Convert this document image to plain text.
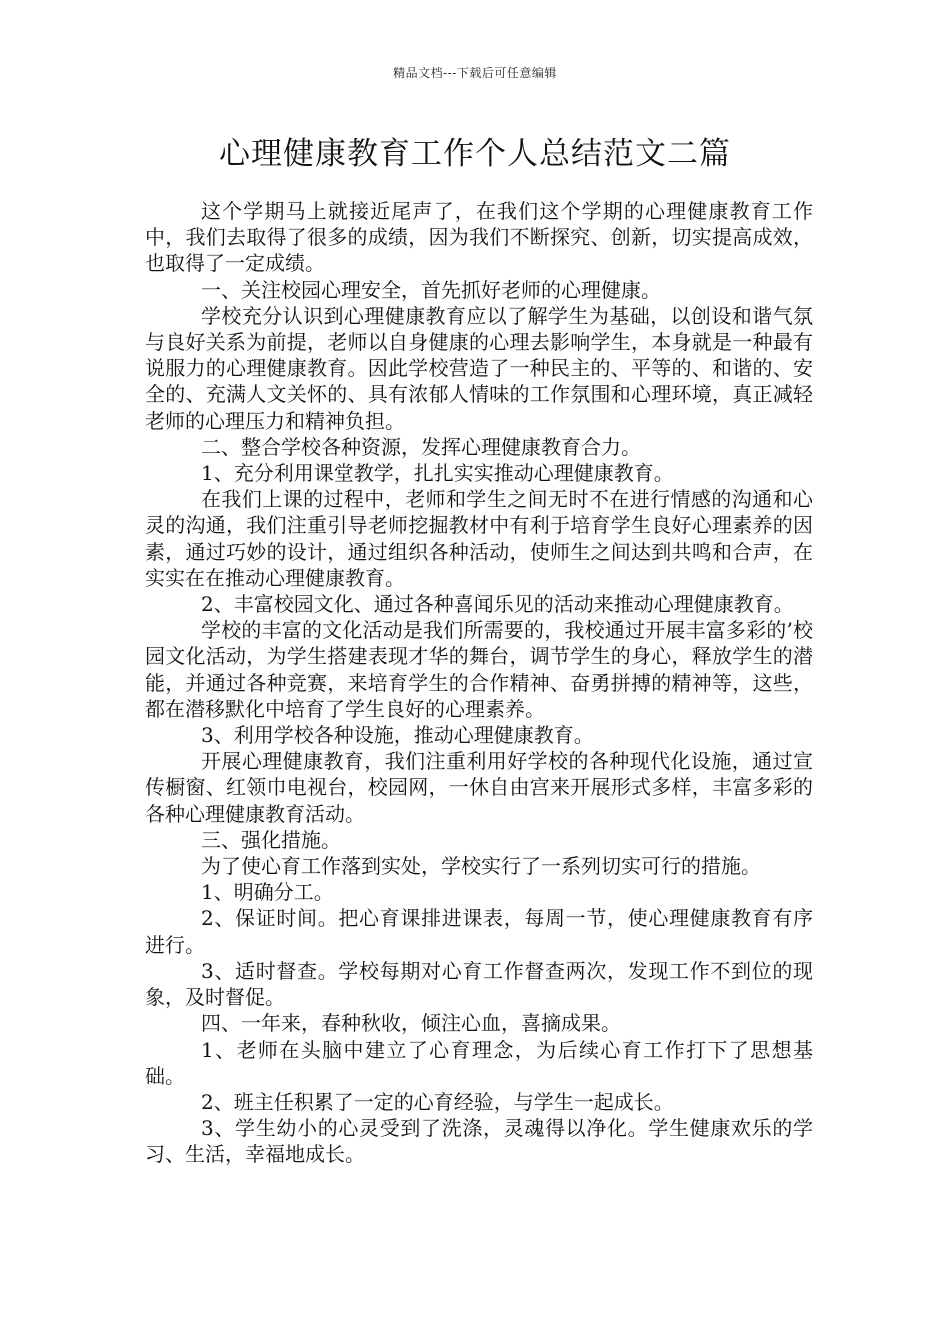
精品文档---下载后可任意编辑
心理健康教育工作个人总结范文二篇

这个学期马上就接近尾声了，在我们这个学期的心理健康教育工作中，我们去取得了很多的成绩，因为我们不断探究、创新，切实提高成效，也取得了一定成绩。

一、关注校园心理安全，首先抓好老师的心理健康。

学校充分认识到心理健康教育应以了解学生为基础，以创设和谐气氛与良好关系为前提，老师以自身健康的心理去影响学生，本身就是一种最有说服力的心理健康教育。因此学校营造了一种民主的、平等的、和谐的、安全的、充满人文关怀的、具有浓郁人情味的工作氛围和心理环境，真正减轻老师的心理压力和精神负担。

二、整合学校各种资源，发挥心理健康教育合力。

1、充分利用课堂教学，扎扎实实推动心理健康教育。

在我们上课的过程中，老师和学生之间无时不在进行情感的沟通和心灵的沟通，我们注重引导老师挖掘教材中有利于培育学生良好心理素养的因素，通过巧妙的设计，通过组织各种活动，使师生之间达到共鸣和合声，在实实在在推动心理健康教育。

2、丰富校园文化、通过各种喜闻乐见的活动来推动心理健康教育。

学校的丰富的文化活动是我们所需要的，我校通过开展丰富多彩的’校园文化活动，为学生搭建表现才华的舞台，调节学生的身心，释放学生的潜能，并通过各种竞赛，来培育学生的合作精神、奋勇拼搏的精神等，这些，都在潜移默化中培育了学生良好的心理素养。

3、利用学校各种设施，推动心理健康教育。

开展心理健康教育，我们注重利用好学校的各种现代化设施，通过宣传橱窗、红领巾电视台，校园网，一休自由宫来开展形式多样，丰富多彩的各种心理健康教育活动。

三、强化措施。

为了使心育工作落到实处，学校实行了一系列切实可行的措施。

1、明确分工。

2、保证时间。把心育课排进课表，每周一节，使心理健康教育有序进行。

3、适时督查。学校每期对心育工作督查两次，发现工作不到位的现象，及时督促。

四、一年来，春种秋收，倾注心血，喜摘成果。

1、老师在头脑中建立了心育理念，为后续心育工作打下了思想基础。

2、班主任积累了一定的心育经验，与学生一起成长。

3、学生幼小的心灵受到了洗涤，灵魂得以净化。学生健康欢乐的学习、生活，幸福地成长。
